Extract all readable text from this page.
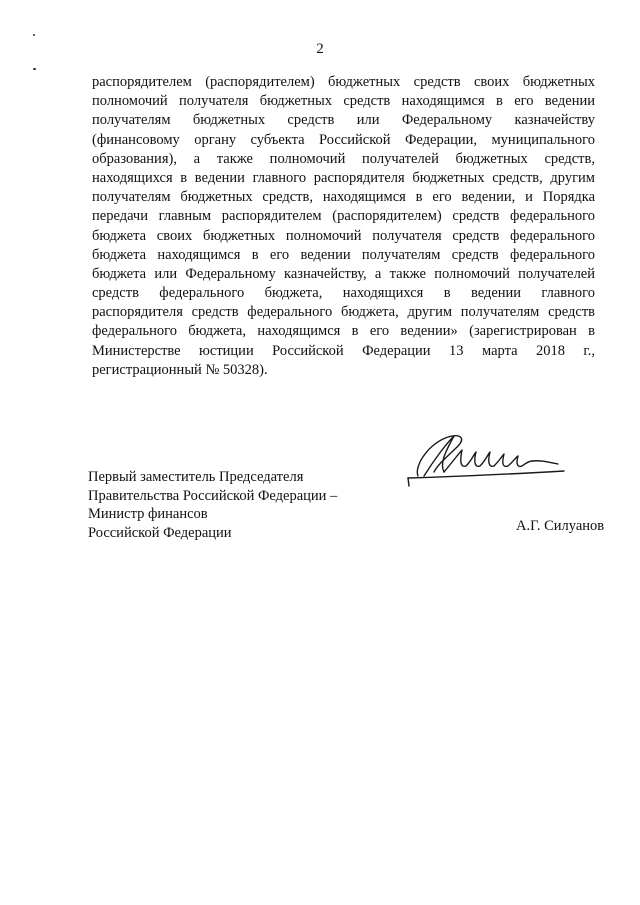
2
распорядителем (распорядителем) бюджетных средств своих бюджетных
полномочий получателя бюджетных средств находящимся в его ведении
получателям бюджетных средств или Федеральному казначейству
(финансовому органу субъекта Российской Федерации, муниципального
образования), а также полномочий получателей бюджетных средств,
находящихся в ведении главного распорядителя бюджетных средств, другим
получателям бюджетных средств, находящимся в его ведении, и Порядка
передачи главным распорядителем (распорядителем) средств федерального
бюджета своих бюджетных полномочий получателя средств федерального
бюджета находящимся в его ведении получателям средств федерального
бюджета или Федеральному казначейству, а также полномочий получателей
средств федерального бюджета, находящихся в ведении главного
распорядителя средств федерального бюджета, другим получателям средств
федерального бюджета, находящимся в его ведении» (зарегистрирован в
Министерстве юстиции Российской Федерации 13 марта 2018 г.,
регистрационный № 50328).
Первый заместитель Председателя
Правительства Российской Федерации –
Министр финансов
Российской Федерации	А.Г. Силуанов
